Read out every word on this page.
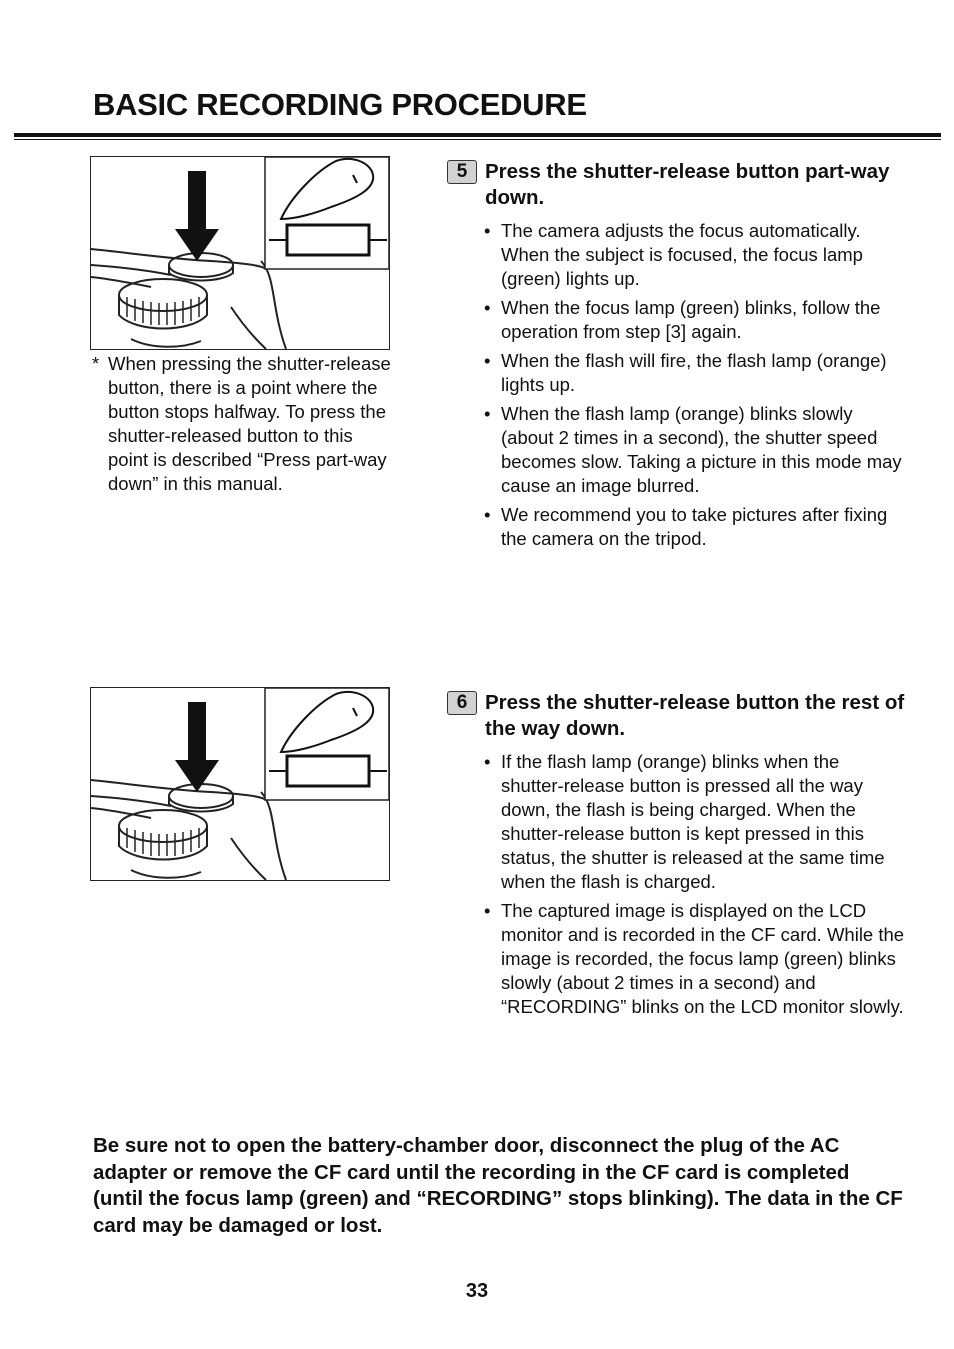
BASIC RECORDING PROCEDURE
* When pressing the shutter-release button, there is a point where the button stops halfway. To press the shutter-released button to this point is described “Press part-way down” in this manual.
5 Press the shutter-release button part-way down.
• The camera adjusts the focus automatically. When the subject is focused, the focus lamp (green) lights up.
• When the focus lamp (green) blinks, follow the operation from step [3] again.
• When the flash will fire, the flash lamp (orange) lights up.
• When the flash lamp (orange) blinks slowly (about 2 times in a second), the shutter speed becomes slow. Taking a picture in this mode may cause an image blurred.
• We recommend you to take pictures after fixing the camera on the tripod.
6 Press the shutter-release button the rest of the way down.
• If the flash lamp (orange) blinks when the shutter-release button is pressed all the way down, the flash is being charged. When the shutter-release button is kept pressed in this status, the shutter is released at the same time when the flash is charged.
• The captured image is displayed on the LCD monitor and is recorded in the CF card. While the image is recorded, the focus lamp (green) blinks slowly (about 2 times in a second) and “RECORDING” blinks on the LCD monitor slowly.

Be sure not to open the battery-chamber door, disconnect the plug of the AC adapter or remove the CF card until the recording in the CF card is completed (until the focus lamp (green) and “RECORDING” stops blinking). The data in the CF card may be damaged or lost.

33
